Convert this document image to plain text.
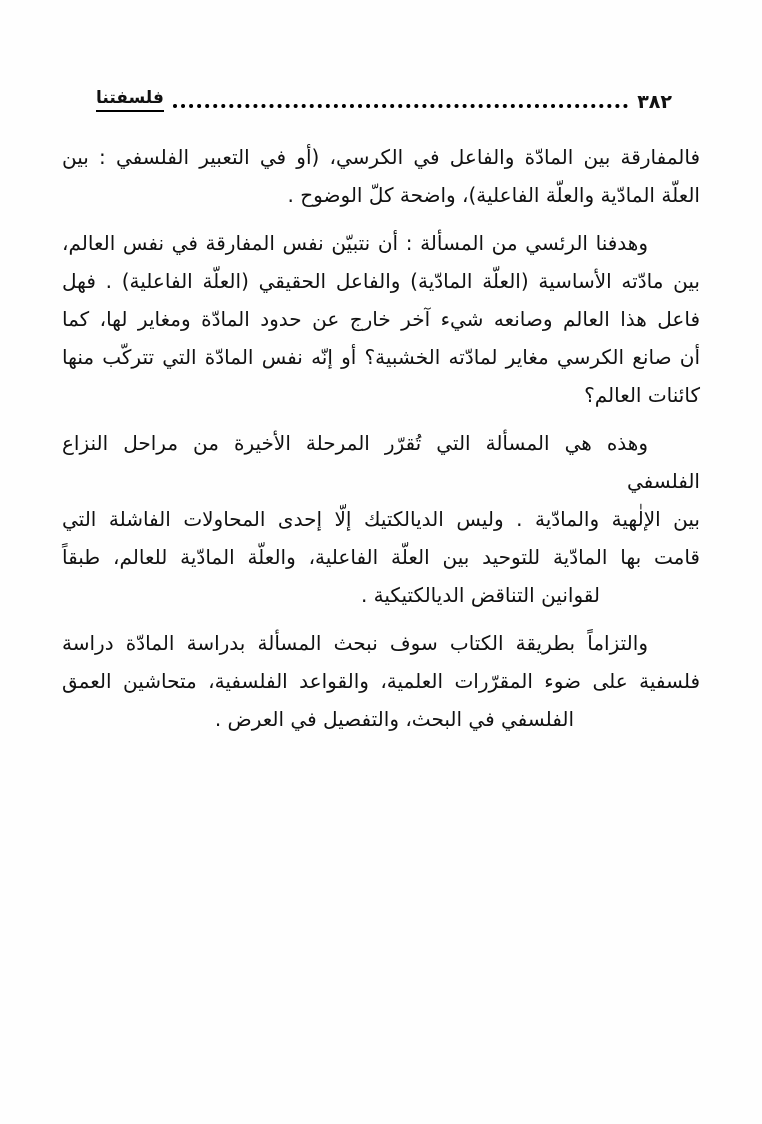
٣٨٢
فلسفتنا
فالمفارقة بين المادّة والفاعل في الكرسي، (أو في التعبير الفلسفي : بين
العلّة المادّية والعلّة الفاعلية)، واضحة كلّ الوضوح .
وهدفنا الرئسي من المسألة : أن نتبيّن نفس المفارقة في نفس العالم،
بين مادّته الأساسية (العلّة المادّية) والفاعل الحقيقي (العلّة الفاعلية) . فهل
فاعل هذا العالم وصانعه شيء آخر خارج عن حدود المادّة ومغاير لها، كما
أن صانع الكرسي مغاير لمادّته الخشبية؟ أو إنّه نفس المادّة التي تتركّب منها
كائنات العالم؟
وهذه هي المسألة التي تُقرّر المرحلة الأخيرة من مراحل النزاع الفلسفي
بين الإلٰهية والمادّية . وليس الديالكتيك إلّا إحدى المحاولات الفاشلة التي
قامت بها المادّية للتوحيد بين العلّة الفاعلية، والعلّة المادّية للعالم، طبقاً
لقوانين التناقض الديالكتيكية .
والتزاماً بطريقة الكتاب سوف نبحث المسألة بدراسة المادّة دراسة
فلسفية على ضوء المقرّرات العلمية، والقواعد الفلسفية، متحاشين العمق
الفلسفي في البحث، والتفصيل في العرض .
